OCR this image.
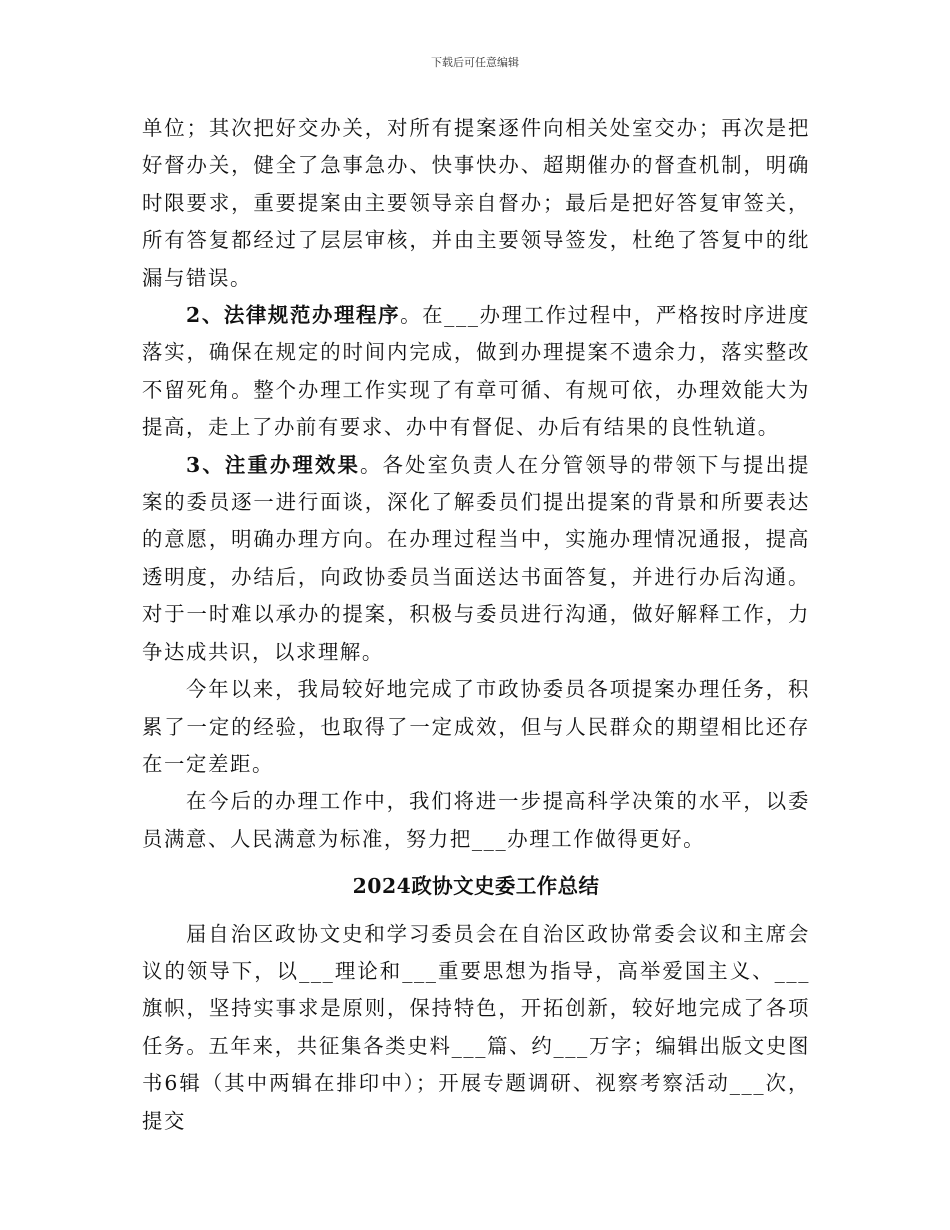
下载后可任意编辑

单位；其次把好交办关，对所有提案逐件向相关处室交办；再次是把好督办关，健全了急事急办、快事快办、超期催办的督查机制，明确时限要求，重要提案由主要领导亲自督办；最后是把好答复审签关，所有答复都经过了层层审核，并由主要领导签发，杜绝了答复中的纰漏与错误。

2、法律规范办理程序。在___办理工作过程中，严格按时序进度落实，确保在规定的时间内完成，做到办理提案不遗余力，落实整改不留死角。整个办理工作实现了有章可循、有规可依，办理效能大为提高，走上了办前有要求、办中有督促、办后有结果的良性轨道。

3、注重办理效果。各处室负责人在分管领导的带领下与提出提案的委员逐一进行面谈，深化了解委员们提出提案的背景和所要表达的意愿，明确办理方向。在办理过程当中，实施办理情况通报，提高透明度，办结后，向政协委员当面送达书面答复，并进行办后沟通。对于一时难以承办的提案，积极与委员进行沟通，做好解释工作，力争达成共识，以求理解。

今年以来，我局较好地完成了市政协委员各项提案办理任务，积累了一定的经验，也取得了一定成效，但与人民群众的期望相比还存在一定差距。

在今后的办理工作中，我们将进一步提高科学决策的水平，以委员满意、人民满意为标准，努力把___办理工作做得更好。

2024政协文史委工作总结

届自治区政协文史和学习委员会在自治区政协常委会议和主席会议的领导下，以___理论和___重要思想为指导，高举爱国主义、___旗帜，坚持实事求是原则，保持特色，开拓创新，较好地完成了各项任务。五年来，共征集各类史料___篇、约___万字；编辑出版文史图书6辑（其中两辑在排印中）；开展专题调研、视察考察活动___次，提交
